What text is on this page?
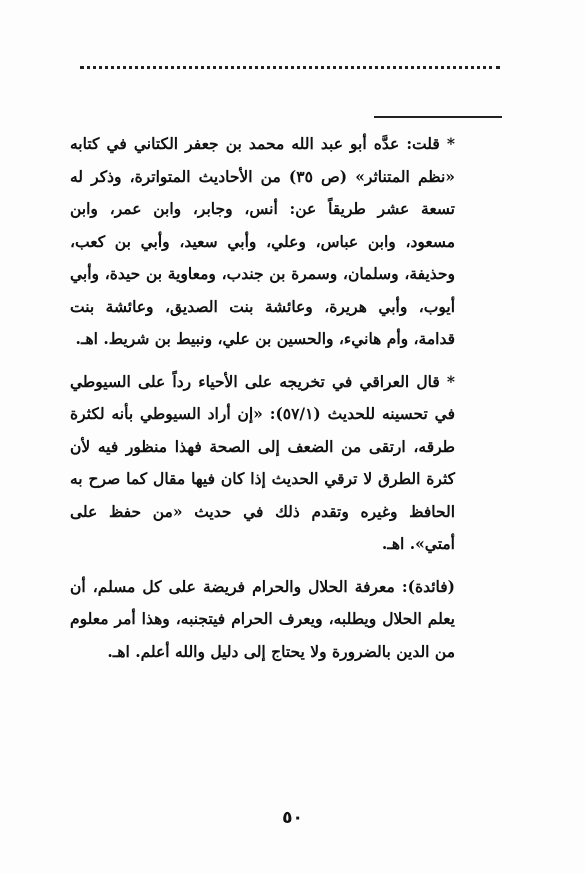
* قلت: عدَّه أبو عبد الله محمد بن جعفر الكتاني في كتابه «نظم المتناثر» (ص ٣٥) من الأحاديث المتواترة، وذكر له تسعة عشر طريقاً عن: أنس، وجابر، وابن عمر، وابن مسعود، وابن عباس، وعلي، وأبي سعيد، وأبي بن كعب، وحذيفة، وسلمان، وسمرة بن جندب، ومعاوية بن حيدة، وأبي أيوب، وأبي هريرة، وعائشة بنت الصديق، وعائشة بنت قدامة، وأم هانيء، والحسين بن علي، ونبيط بن شريط. اهـ.

* قال العراقي في تخريجه على الأحياء رداً على السيوطي في تحسينه للحديث (٥٧/١): «إن أراد السيوطي بأنه لكثرة طرقه، ارتقى من الضعف إلى الصحة فهذا منظور فيه لأن كثرة الطرق لا ترقي الحديث إذا كان فيها مقال كما صرح به الحافظ وغيره وتقدم ذلك في حديث «من حفظ على أمتي». اهـ.

(فائدة): معرفة الحلال والحرام فريضة على كل مسلم، أن يعلم الحلال ويطلبه، ويعرف الحرام فيتجنبه، وهذا أمر معلوم من الدين بالضرورة ولا يحتاج إلى دليل والله أعلم. اهـ.

٥٠
